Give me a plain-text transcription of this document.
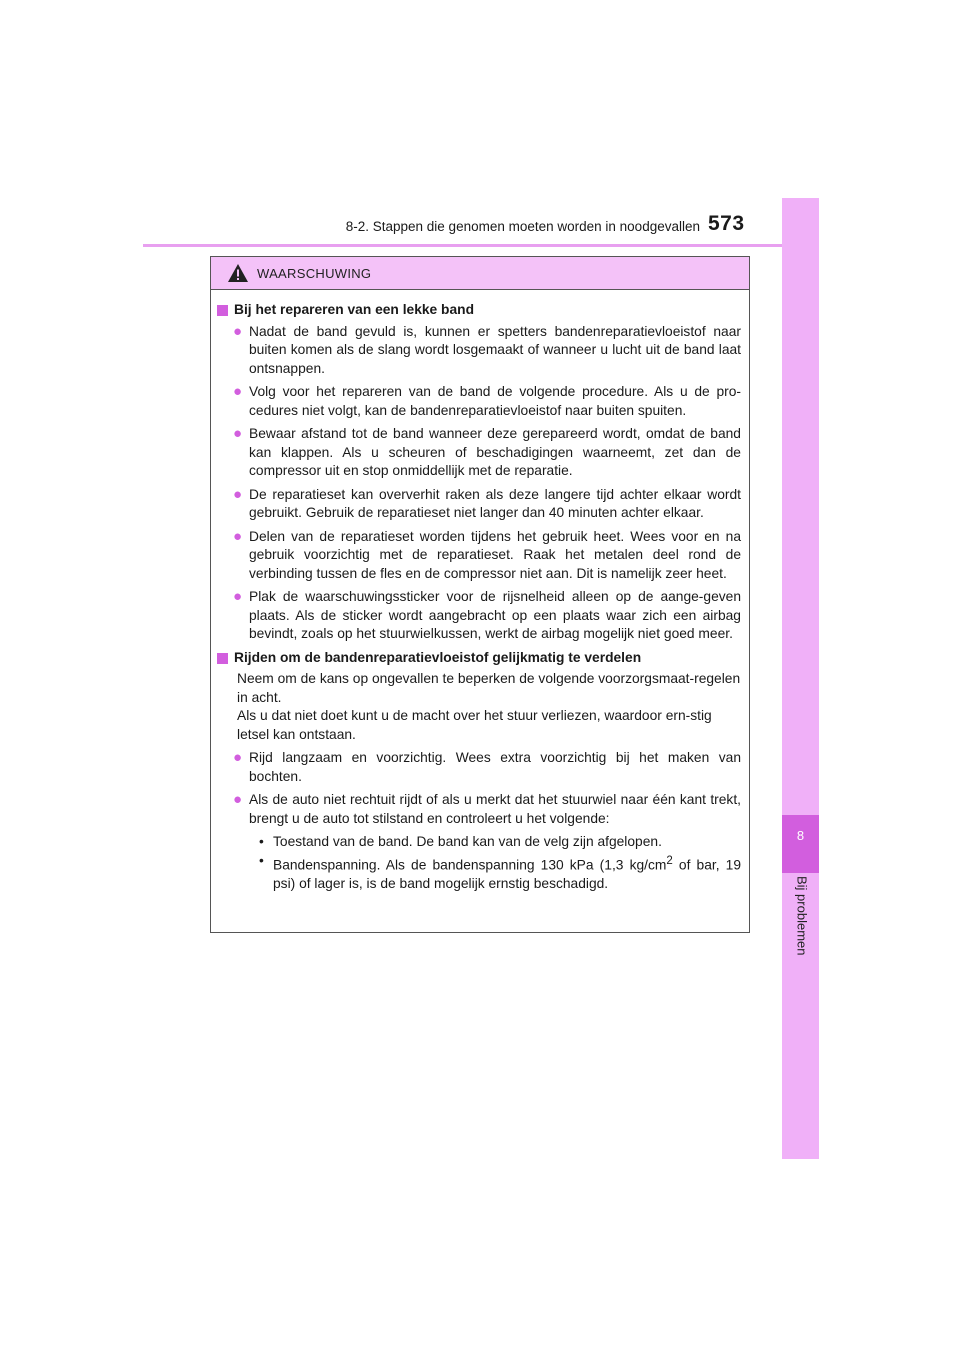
8-2. Stappen die genomen moeten worden in noodgevallen 573
8
Bij problemen
WAARSCHUWING
Bij het repareren van een lekke band
● Nadat de band gevuld is, kunnen er spetters bandenreparatievloeistof naar buiten komen als de slang wordt losgemaakt of wanneer u lucht uit de band laat ontsnappen.
● Volg voor het repareren van de band de volgende procedure. Als u de pro-cedures niet volgt, kan de bandenreparatievloeistof naar buiten spuiten.
● Bewaar afstand tot de band wanneer deze gerepareerd wordt, omdat de band kan klappen. Als u scheuren of beschadigingen waarneemt, zet dan de compressor uit en stop onmiddellijk met de reparatie.
● De reparatieset kan oververhit raken als deze langere tijd achter elkaar wordt gebruikt. Gebruik de reparatieset niet langer dan 40 minuten achter elkaar.
● Delen van de reparatieset worden tijdens het gebruik heet. Wees voor en na gebruik voorzichtig met de reparatieset. Raak het metalen deel rond de verbinding tussen de fles en de compressor niet aan. Dit is namelijk zeer heet.
● Plak de waarschuwingssticker voor de rijsnelheid alleen op de aange-geven plaats. Als de sticker wordt aangebracht op een plaats waar zich een airbag bevindt, zoals op het stuurwielkussen, werkt de airbag mogelijk niet goed meer.
Rijden om de bandenreparatievloeistof gelijkmatig te verdelen
Neem om de kans op ongevallen te beperken de volgende voorzorgsmaat-regelen in acht.
Als u dat niet doet kunt u de macht over het stuur verliezen, waardoor ern-stig letsel kan ontstaan.
● Rijd langzaam en voorzichtig. Wees extra voorzichtig bij het maken van bochten.
● Als de auto niet rechtuit rijdt of als u merkt dat het stuurwiel naar één kant trekt, brengt u de auto tot stilstand en controleert u het volgende:
• Toestand van de band. De band kan van de velg zijn afgelopen.
• Bandenspanning. Als de bandenspanning 130 kPa (1,3 $kg/cm^2$ of bar, 19 psi) of lager is, is de band mogelijk ernstig beschadigd.
